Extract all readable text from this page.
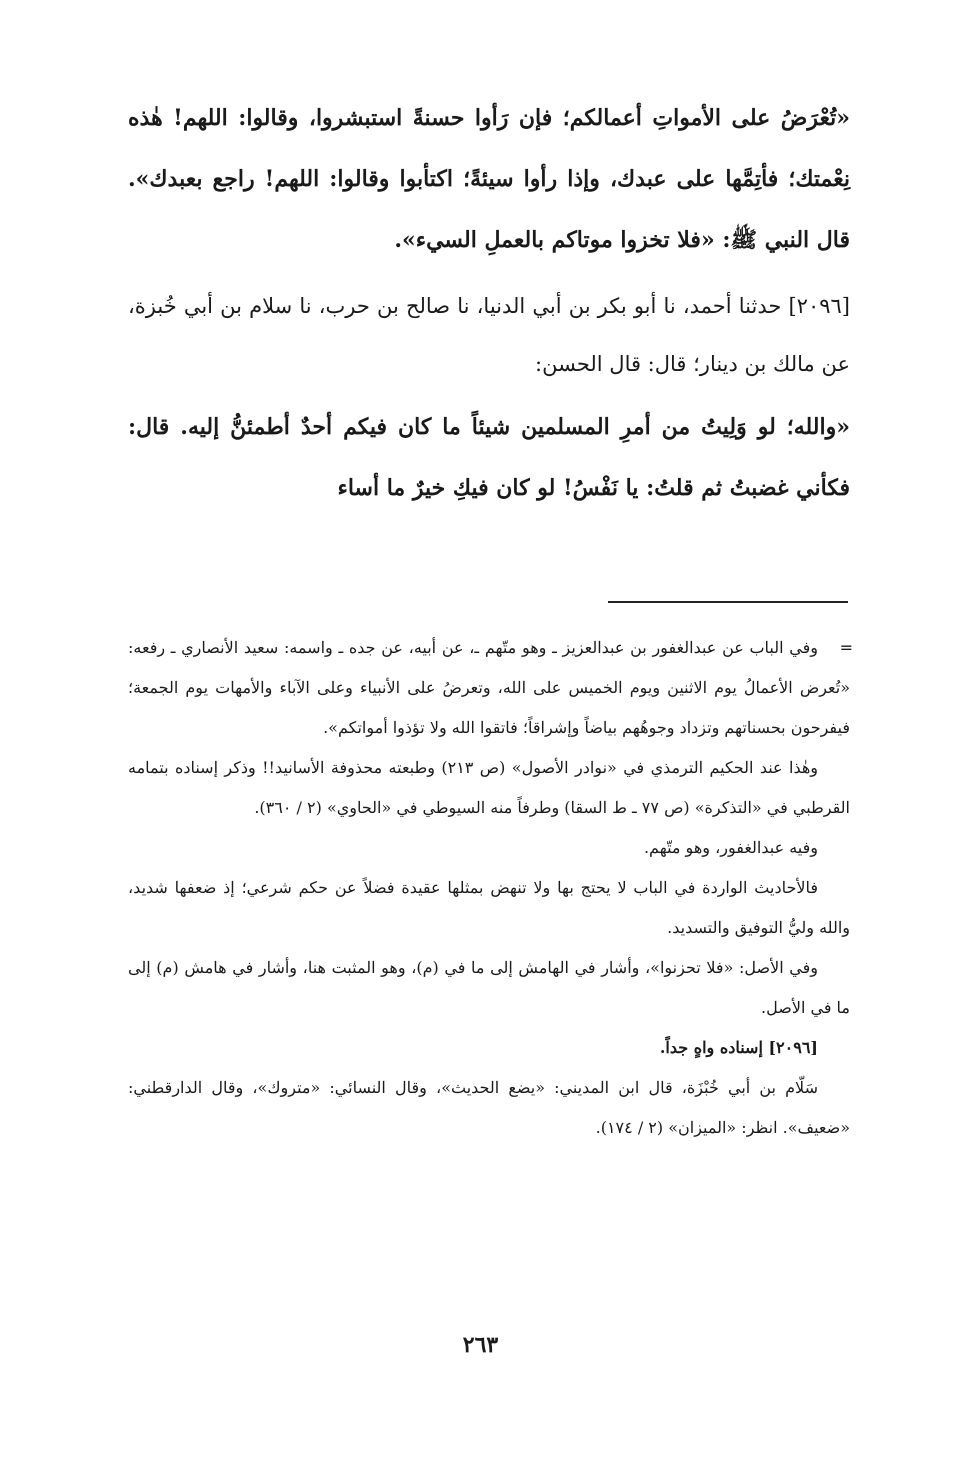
«تُعْرَضُ على الأمواتِ أعمالكم؛ فإن رَأوا حسنةً استبشروا، وقالوا: اللهم! هٰذه نِعْمتك؛ فأتِمَّها على عبدك، وإذا رأوا سيئةً؛ اكتأبوا وقالوا: اللهم! راجع بعبدك». قال النبي ﷺ: «فلا تخزوا موتاكم بالعملِ السيء».

[٢٠٩٦] حدثنا أحمد، نا أبو بكر بن أبي الدنيا، نا صالح بن حرب، نا سلام بن أبي خُبزة، عن مالك بن دينار؛ قال: قال الحسن:

«والله؛ لو وَلِيتُ من أمرِ المسلمين شيئاً ما كان فيكم أحدٌ أطمئنُّ إليه. قال: فكأني غضبتُ ثم قلتُ: يا نَفْسُ! لو كان فيكِ خيرٌ ما أساء

=

وفي الباب عن عبدالغفور بن عبدالعزيز ـ وهو متّهم ـ، عن أبيه، عن جده ـ واسمه: سعيد الأنصاري ـ رفعه: «تُعرض الأعمالُ يوم الاثنين ويوم الخميس على الله، وتعرضُ على الأنبياء وعلى الآباء والأمهات يوم الجمعة؛ فيفرحون بحسناتهم وتزداد وجوهُهم بياضاً وإشراقاً؛ فاتقوا الله ولا تؤذوا أمواتكم».

وهٰذا عند الحكيم الترمذي في «نوادر الأصول» (ص ٢١٣) وطبعته محذوفة الأسانيد!! وذكر إسناده بتمامه القرطبي في «التذكرة» (ص ٧٧ ـ ط السقا) وطرفاً منه السيوطي في «الحاوي» (٢ / ٣٦٠).

وفيه عبدالغفور، وهو متّهم.

فالأحاديث الواردة في الباب لا يحتج بها ولا تنهض بمثلها عقيدة فضلاً عن حكم شرعي؛ إذ ضعفها شديد، والله وليُّ التوفيق والتسديد.

وفي الأصل: «فلا تحزنوا»، وأشار في الهامش إلى ما في (م)، وهو المثبت هنا، وأشار في هامش (م) إلى ما في الأصل.

[٢٠٩٦] إسناده واهٍ جداً.

سَلّام بن أبي خُبْزَة، قال ابن المديني: «يضع الحديث»، وقال النسائي: «متروك»، وقال الدارقطني: «ضعيف». انظر: «الميزان» (٢ / ١٧٤).

٢٦٣
